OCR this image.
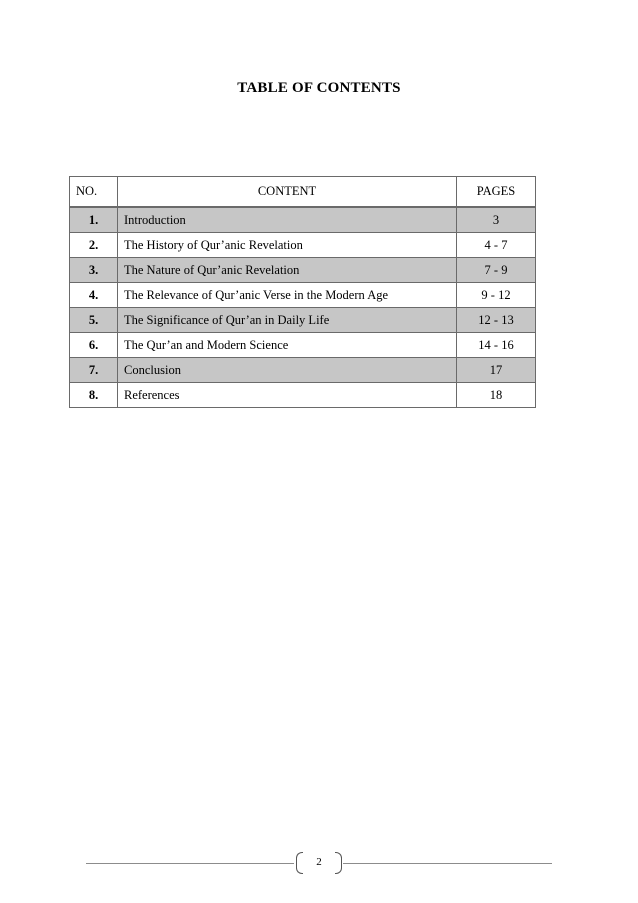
TABLE OF CONTENTS
NO.	CONTENT	PAGES
1.	Introduction	3
2.	The History of Qur’anic Revelation	4 - 7
3.	The Nature of Qur’anic Revelation	7 - 9
4.	The Relevance of Qur’anic Verse in the Modern Age	9 - 12
5.	The Significance of Qur’an in Daily Life	12 - 13
6.	The Qur’an and Modern Science	14 - 16
7.	Conclusion	17
8.	References	18
2
